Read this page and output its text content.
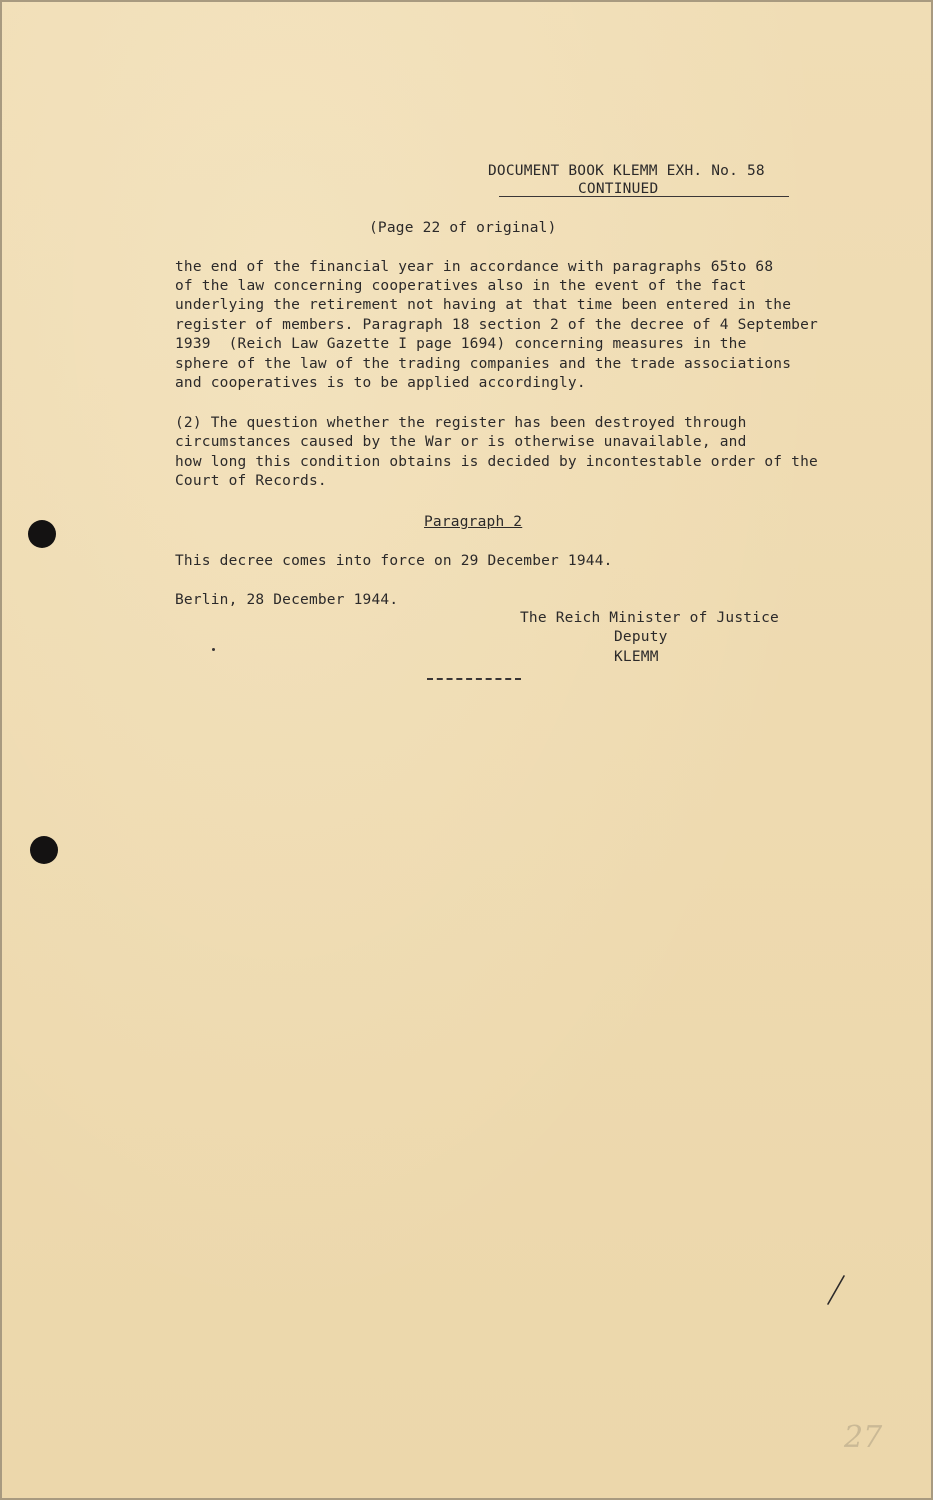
DOCUMENT BOOK KLEMM EXH. No. 58
CONTINUED
(Page 22 of original)
the end of the financial year in accordance with paragraphs 65to 68
of the law concerning cooperatives also in the event of the fact
underlying the retirement not having at that time been entered in the
register of members. Paragraph 18 section 2 of the decree of 4 September
1939  (Reich Law Gazette I page 1694) concerning measures in the
sphere of the law of the trading companies and the trade associations
and cooperatives is to be applied accordingly.
(2) The question whether the register has been destroyed through
circumstances caused by the War or is otherwise unavailable, and
how long this condition obtains is decided by incontestable order of the
Court of Records.
Paragraph 2
This decree comes into force on 29 December 1944.
Berlin, 28 December 1944.
The Reich Minister of Justice
Deputy
KLEMM
27
